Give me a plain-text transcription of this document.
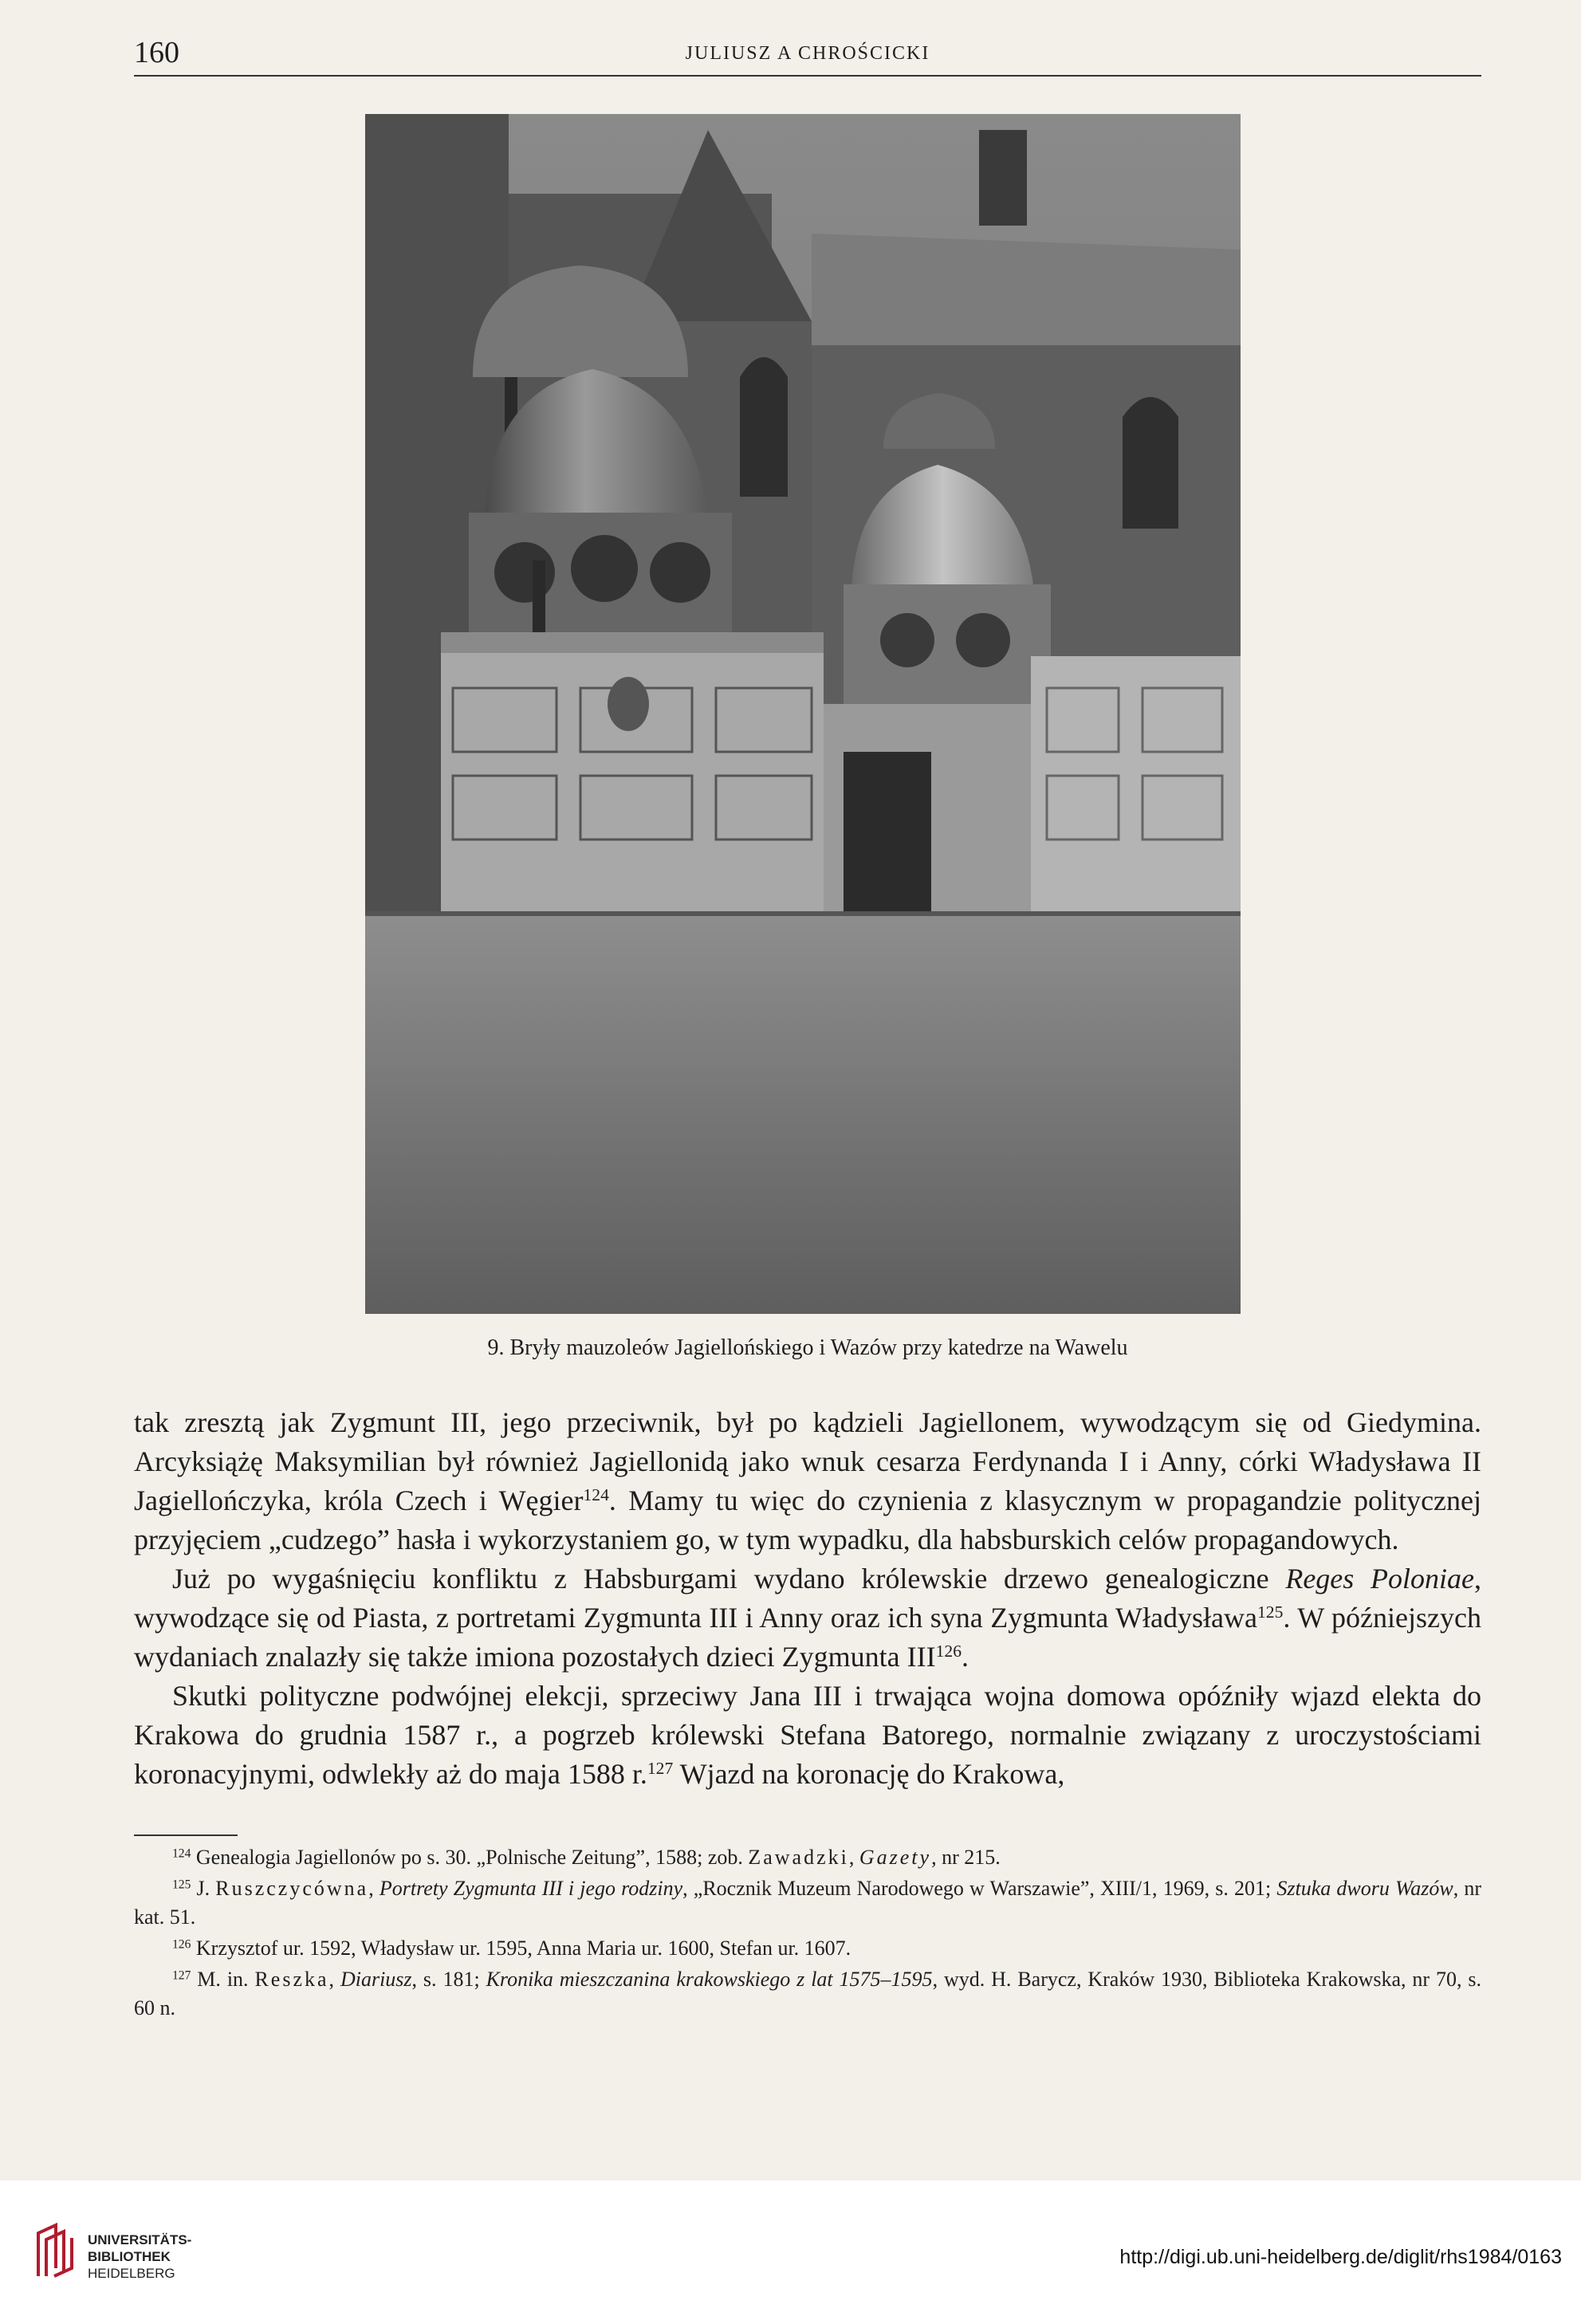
160	JULIUSZ A CHROŚCICKI
9. Bryły mauzoleów Jagiellońskiego i Wazów przy katedrze na Wawelu

tak zresztą jak Zygmunt III, jego przeciwnik, był po kądzieli Jagiellonem, wywodzącym się od Giedymina. Arcyksiążę Maksymilian był również Jagiellonidą jako wnuk cesarza Ferdynanda I i Anny, córki Władysława II Jagiellończyka, króla Czech i Węgier$^{124}$. Mamy tu więc do czynienia z klasycznym w propagandzie politycznej przyjęciem „cudzego” hasła i wykorzystaniem go, w tym wypadku, dla habsburskich celów propagandowych.

Już po wygaśnięciu konfliktu z Habsburgami wydano królewskie drzewo genealogiczne Reges Poloniae, wywodzące się od Piasta, z portretami Zygmunta III i Anny oraz ich syna Zygmunta Władysława$^{125}$. W późniejszych wydaniach znalazły się także imiona pozostałych dzieci Zygmunta III$^{126}$.

Skutki polityczne podwójnej elekcji, sprzeciwy Jana III i trwająca wojna domowa opóźniły wjazd elekta do Krakowa do grudnia 1587 r., a pogrzeb królewski Stefana Batorego, normalnie związany z uroczystościami koronacyjnymi, odwlekły aż do maja 1588 r.$^{127}$ Wjazd na koronację do Krakowa,

$^{124}$ Genealogia Jagiellonów po s. 30. „Polnische Zeitung”, 1588; zob. Zawadzki, Gazety, nr 215.

$^{125}$ J. Ruszczycówna, Portrety Zygmunta III i jego rodziny, „Rocznik Muzeum Narodowego w Warszawie”, XIII/1, 1969, s. 201; Sztuka dworu Wazów, nr kat. 51.

$^{126}$ Krzysztof ur. 1592, Władysław ur. 1595, Anna Maria ur. 1600, Stefan ur. 1607.

$^{127}$ M. in. Reszka, Diariusz, s. 181; Kronika mieszczanina krakowskiego z lat 1575–1595, wyd. H. Barycz, Kraków 1930, Biblioteka Krakowska, nr 70, s. 60 n.

UNIVERSITÄTS-
BIBLIOTHEK
HEIDELBERG
http://digi.ub.uni-heidelberg.de/diglit/rhs1984/0163
